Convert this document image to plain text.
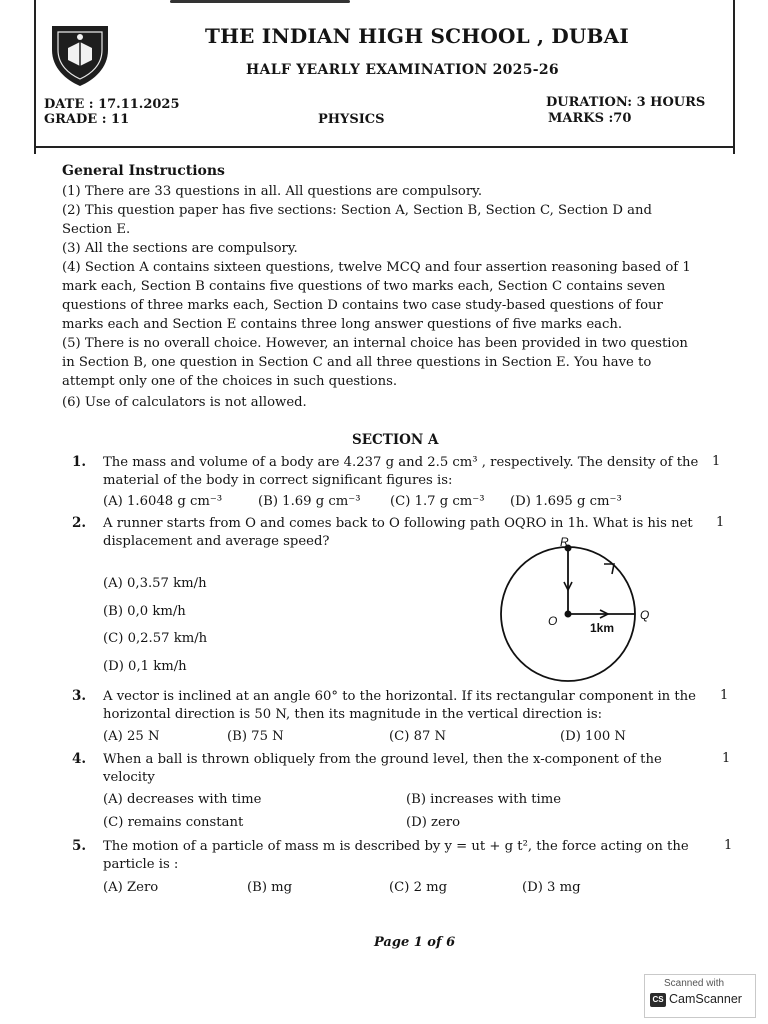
THE INDIAN HIGH SCHOOL , DUBAI
HALF YEARLY EXAMINATION 2025-26
DATE : 17.11.2025
GRADE : 11	PHYSICS
DURATION: 3 HOURS
MARKS :70
General Instructions
(1) There are 33 questions in all. All questions are compulsory.
(2) This question paper has five sections: Section A, Section B, Section C, Section D and
Section E.
(3) All the sections are compulsory.
(4) Section A contains sixteen questions, twelve MCQ and four assertion reasoning based of 1
mark each, Section B contains five questions of two marks each, Section C contains seven
questions of three marks each, Section D contains two case study-based questions of four
marks each and Section E contains three long answer questions of five marks each.
(5) There is no overall choice. However, an internal choice has been provided in two question
in Section B, one question in Section C and all three questions in Section E. You have to
attempt only one of the choices in such questions.
(6) Use of calculators is not allowed.
SECTION A
1. The mass and volume of a body are 4.237 g and 2.5 cm³ , respectively. The density of the
material of the body in correct significant figures is:
1
(A) 1.6048 g cm⁻³	(B) 1.69 g cm⁻³ (C) 1.7 g cm⁻³ (D) 1.695 g cm⁻³
2. A runner starts from O and comes back to O following path OQRO in 1h. What is his net
displacement and average speed?
1
(A) 0,3.57 km/h
(B) 0,0 km/h
(C) 0,2.57 km/h
(D) 0,1 km/h
R
O	Q
1km
3. A vector is inclined at an angle 60° to the horizontal. If its rectangular component in the
horizontal direction is 50 N, then its magnitude in the vertical direction is:
1
(A) 25 N	(B) 75 N	(C) 87 N	(D) 100 N
4. When a ball is thrown obliquely from the ground level, then the x-component of the
velocity
1
(A) decreases with time	(B) increases with time
(C) remains constant	(D) zero
5. The motion of a particle of mass m is described by y = ut + g t², the force acting on the
particle is :
1
(A) Zero	(B) mg	(C) 2 mg	(D) 3 mg
Page 1 of 6
Scanned with
CS CamScanner
